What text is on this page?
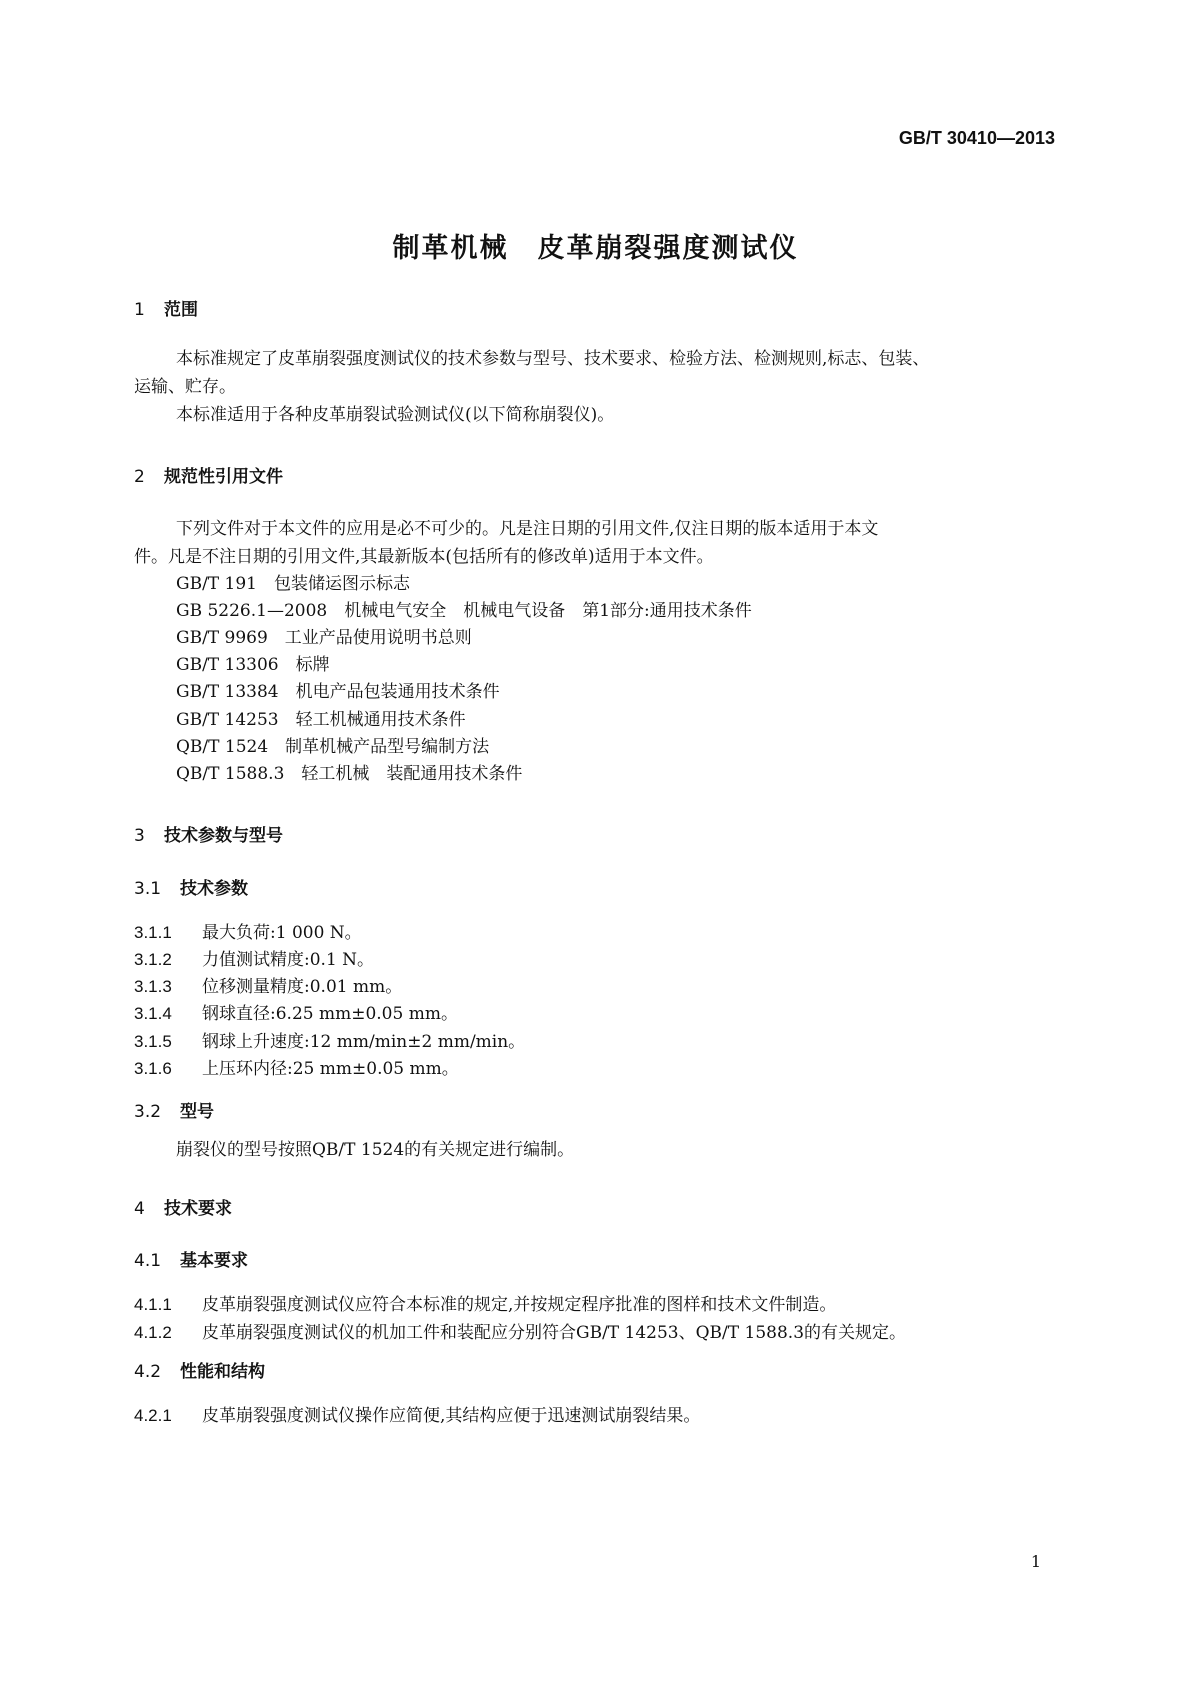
GB/T 30410—2013
制革机械　皮革崩裂强度测试仪
1 范围
本标准规定了皮革崩裂强度测试仪的技术参数与型号、技术要求、检验方法、检测规则,标志、包装、
运输、贮存。
本标准适用于各种皮革崩裂试验测试仪(以下简称崩裂仪)。
2 规范性引用文件
下列文件对于本文件的应用是必不可少的。凡是注日期的引用文件,仅注日期的版本适用于本文
件。凡是不注日期的引用文件,其最新版本(包括所有的修改单)适用于本文件。
GB/T 191　包装储运图示标志
GB 5226.1—2008　机械电气安全　机械电气设备　第1部分:通用技术条件
GB/T 9969　工业产品使用说明书总则
GB/T 13306　标牌
GB/T 13384　机电产品包装通用技术条件
GB/T 14253　轻工机械通用技术条件
QB/T 1524　制革机械产品型号编制方法
QB/T 1588.3　轻工机械　装配通用技术条件
3 技术参数与型号
3.1 技术参数
3.1.1 最大负荷:1 000 N。
3.1.2 力值测试精度:0.1 N。
3.1.3 位移测量精度:0.01 mm。
3.1.4 钢球直径:6.25 mm±0.05 mm。
3.1.5 钢球上升速度:12 mm/min±2 mm/min。
3.1.6 上压环内径:25 mm±0.05 mm。
3.2 型号
崩裂仪的型号按照QB/T 1524的有关规定进行编制。
4 技术要求
4.1 基本要求
4.1.1 皮革崩裂强度测试仪应符合本标准的规定,并按规定程序批准的图样和技术文件制造。
4.1.2 皮革崩裂强度测试仪的机加工件和装配应分别符合GB/T 14253、QB/T 1588.3的有关规定。
4.2 性能和结构
4.2.1 皮革崩裂强度测试仪操作应简便,其结构应便于迅速测试崩裂结果。
1
